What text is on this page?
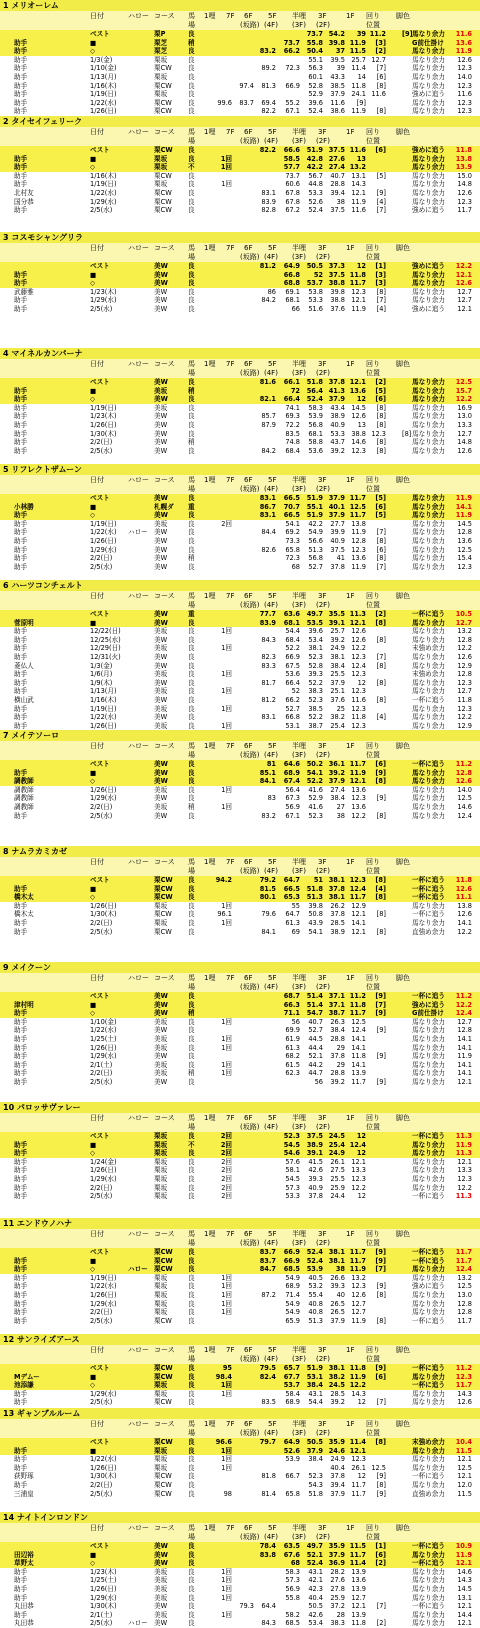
1 メリオーレム
日付	ハロー コース 馬
場
1哩 7F 6F
(坂路)
5F
(4F)
半哩
(3F)
3F
(2F)
1F 回り
位置
脚色
ベスト	栗P	良	73.7 54.2 39 11.2 [9] 馬なり余力 11.6
助手	■	栗芝	稍	73.7 55.8 39.8 11.9 [3]	G前仕掛け 13.6
助手	◇	栗芝	良	83.2 66.2 50.4 37 11.5 [2]	馬なり余力 11.9
助手	1/3(金)	栗坂	良	55.1 39.5 25.7 12.7	馬なり余力 12.6
助手	1/10(金)	栗CW 良	89.2 72.3 56.3 39 11.4 [7]	馬なり余力 12.3
助手	1/13(月)	栗坂	良	60.1 43.3 14 [6]	馬なり余力 14.0
助手	1/16(木)	栗CW 良	97.4 81.3 66.9 52.8 38.5 11.8 [8]	馬なり余力 12.3
助手	1/19(日)	栗坂	良	52.9 37.9 24.1 11.6	強めに追う 11.6
助手	1/22(水)	栗CW 良	99.6 83.7 69.4 55.2 39.6 11.6 [9]	馬なり余力 12.3
助手	1/26(日)	栗CW 良	82.2 67.1 52.4 38.6 11.9 [8]	馬なり余力 12.3
2 タイセイフェリーク
日付	ハロー コース 馬
場
1哩 7F 6F
(坂路)
5F
(4F)
半哩
(3F)
3F
(2F)
1F 回り
位置
脚色
ベスト	栗CW 良	82.2 66.6 51.9 37.5 11.6 [6]	強めに追う 11.8
助手	■	栗坂	良	1回	58.5 42.8 27.6 13	馬なり余力 13.8
助手	◇	栗坂	不	1回	57.7 42.2 27.4 13.2	馬なり余力 13.9
助手	1/16(木)	栗CW 良	73.7 56.7 40.7 13.1 [5]	馬なり余力 15.0
助手	1/19(日)	栗坂	良	1回	60.6 44.8 28.8 14.3	馬なり余力 14.8
北村友	1/22(水)	栗CW 良	83.1 67.8 53.3 39.4 12.1 [9]	馬なり余力 12.6
国分恭	1/29(水)	栗CW 良	83.9 67.8 52.6 38 11.9 [4]	馬なり余力 12.3
助手	2/5(水)	栗CW 良	82.8 67.2 52.4 37.5 11.6 [7]	強めに追う 11.7
3 コスモシャングリラ
日付	ハロー コース 馬
場
1哩 7F 6F
(坂路)
5F
(4F)
半哩
(3F)
3F
(2F)
1F 回り
位置
脚色
ベスト	美W	良	81.2 64.9 50.5 37.3 12 [1]	強めに追う 12.2
助手	■	美W	良	66.8 52 37.5 11.8 [3]	馬なり余力 12.1
助手	◇	美W	良	68.8 53.7 38.8 11.7 [3]	馬なり余力 12.6
武藤雅	1/23(木)	美W	良	86 69.1 53.8 39.8 12.3 [8]	馬なり余力 12.7
助手	1/29(水)	美W	良	84.2 68.1 53.3 38.8 12.1 [7]	馬なり余力 12.7
助手	2/5(水)	美W	良	66 51.6 37.6 11.9 [4]	強めに追う 12.1
4 マイネルカンパーナ
日付	ハロー コース 馬
場
1哩 7F 6F
(坂路)
5F
(4F)
半哩
(3F)
3F
(2F)
1F 回り
位置
脚色
ベスト	美W	良	81.6 66.1 51.8 37.8 12.1 [2]	馬なり余力 12.5
助手	■	美坂	稍	72 56.4 41.3 13.6 [5]	馬なり余力 15.7
助手	◇	美W	良	82.1 66.4 52.4 37.9 12 [6]	馬なり余力 12.2
助手	1/19(日)	美坂	良	74.1 58.3 43.4 14.5 [8]	馬なり余力 16.9
助手	1/23(木)	美W	良	85.7 69.3 53.9 38.9 12.6 [8]	馬なり余力 13.0
助手	1/26(日)	美W	良	87.9 72.2 56.8 40.9 13 [8]	馬なり余力 13.3
助手	1/30(木)	美W	良	83.5 68.1 53.3 38.8 12.3 [8] 馬なり余力 12.7
助手	2/2(日)	美W	稍	74.8 58.8 43.7 14.6 [8]	馬なり余力 14.8
助手	2/5(水)	美W	良	84.2 68.4 53.6 39.2 12.3 [8]	馬なり余力 12.6
5 リフレクトザムーン
日付	ハロー コース 馬
場
1哩 7F 6F
(坂路)
5F
(4F)
半哩
(3F)
3F
(2F)
1F 回り
位置
脚色
ベスト	美W	良	83.1 66.5 51.9 37.9 11.7 [5]	馬なり余力 11.9
小林勝	■	札幌ダ 重	86.7 70.7 55.1 40.1 12.5 [6]	馬なり余力 14.1
助手	◇	美W	良	83.1 66.5 51.9 37.9 11.7 [5]	馬なり余力 11.9
助手	1/19(日)	美坂	良	2回	54.1 42.2 27.7 13.8	馬なり余力 14.5
助手	1/22(水) ハロー 美W	良	84.4 69.2 54.9 39.9 11.9 [7]	馬なり余力 12.8
助手	1/26(日)	美W	良	73.3 56.6 40.9 12.8 [8]	馬なり余力 13.6
助手	1/29(水)	美W	良	82.6 65.8 51.3 37.5 12.3 [6]	馬なり余力 12.5
助手	2/2(日)	美W	稍	72.3 56.8 41 13.6 [8]	馬なり余力 15.4
助手	2/5(水)	美W	良	68 52.7 37.8 11.9 [7]	馬なり余力 12.3
6 ハーツコンチェルト
日付	ハロー コース 馬
場
1哩 7F 6F
(坂路)
5F
(4F)
半哩
(3F)
3F
(2F)
1F 回り
位置
脚色
ベスト	美W	重	77.7 63.6 49.7 35.5 11.3 [2]	一杯に追う 10.5
菅原明	■	美W	良	83.9 68.1 53.5 39.1 12.1 [8]	馬なり余力 12.7
助手	12/22(日)	美坂	良	1回	54.4 39.6 25.7 12.6	馬なり余力 13.2
助手	12/25(水)	美W	良	84.3 68.4 53.4 39.2 12.6 [8]	馬なり余力 12.8
助手	12/29(日)	美坂	良	1回	52.2 38.1 24.9 12.2	末強め余力 12.2
助手	12/31(火)	美W	良	82.3 66.9 52.3 38.1 12.3 [7]	馬なり余力 12.6
菱仏人	1/3(金)	美W	良	83.3 67.5 52.8 38.4 12.4 [8]	馬なり余力 12.9
助手	1/6(月)	美坂	良	1回	53.6 39.3 25.5 12.3	末強め余力 12.8
助手	1/9(木)	美W	良	81.7 66.4 52.2 37.9 12 [8]	馬なり余力 12.3
助手	1/13(月)	美坂	良	1回	52 38.3 25.1 12.3	馬なり余力 12.7
横山武	1/16(木)	美W	良	81.2 66.2 52.3 37.6 11.6 [8]	一杯に追う 11.8
助手	1/19(日)	美坂	良	1回	52.7 38.5 25 12.3	馬なり余力 12.3
助手	1/22(水)	美W	良	83.1 66.8 52.2 38.2 11.8 [4]	馬なり余力 12.2
助手	1/26(日)	美坂	良	1回	53.1 38.7 25.4 12.3	馬なり余力 12.9
7 メイテソーロ
日付	ハロー コース 馬
場
1哩 7F 6F
(坂路)
5F
(4F)
半哩
(3F)
3F
(2F)
1F 回り
位置
脚色
ベスト	美W	良	81 64.6 50.2 36.1 11.7 [6]	一杯に追う 11.2
助手	■	美W	良	85.1 68.9 54.1 39.2 11.9 [9]	馬なり余力 12.8
調教師	◇	美W	良	84.1 67.4 52.2 37.9 12.1 [8]	馬なり余力 12.6
調教師	1/26(日)	美坂	良	1回	56.4 41.6 27.4 13.6	馬なり余力 14.0
調教師	1/29(水)	美W	良	83 67.3 52.9 38.4 12.3 [9]	馬なり余力 12.5
調教師	2/2(日)	美坂	稍	1回	56.9 41.6 27 13.6	馬なり余力 14.6
助手	2/5(水)	美W	良	83.2 67.1 52.3 38 12.2 [8]	馬なり余力 12.4
8 ナムラカミカゼ
日付	ハロー コース 馬
場
1哩 7F 6F
(坂路)
5F
(4F)
半哩
(3F)
3F
(2F)
1F 回り
位置
脚色
ベスト	栗CW 良	94.2	79.2 64.7 51 38.1 12.3 [8]	一杯に追う 11.8
助手	■	栗CW 良	81.5 66.5 51.8 37.8 12.4 [4]	一杯に追う 12.6
橋木太	◇	栗CW 良	80.1 65.3 51.3 38.1 11.7 [8]	一杯に追う 11.1
助手	1/26(日)	栗坂	良	1回	55 39.8 26.2 12.9	馬なり余力 13.8
橋木太	1/30(木)	栗CW 良	96.1	79.6 64.7 50.8 37.8 12.1 [8]	一杯に追う 12.6
助手	2/2(日)	栗坂	良	1回	61.3 43.9 28.5 14.1	馬なり余力 14.1
助手	2/5(水)	栗CW 良	84.1 69 54.1 38.9 12.1 [8]	直強め余力 12.2
9 メイクーン
日付	ハロー コース 馬
場
1哩 7F 6F
(坂路)
5F
(4F)
半哩
(3F)
3F
(2F)
1F 回り
位置
脚色
ベスト	美W	良	68.7 51.4 37.1 11.2 [9]	一杯に追う 11.2
津村明	■	美W	良	66.3 51.4 37.1 11.8 [7]	強めに追う 12.2
助手	◇	美W	稍	71.1 54.7 38.7 11.7 [9]	G前仕掛け 12.4
助手	1/10(金)	美坂	良	1回	56 40.7 26.3 12.5	馬なり余力 12.7
助手	1/22(水)	美W	良	69.9 52.7 38.4 12.4 [9]	馬なり余力 12.8
助手	1/25(土)	美坂	良	1回	61.9 44.5 28.8 14.1	馬なり余力 14.1
助手	1/26(日)	美坂	良	1回	61.3 44.4 29 14.1	馬なり余力 14.1
助手	1/29(水)	美W	良	68.2 52.1 37.8 11.8 [9]	馬なり余力 11.9
助手	2/1(土)	美坂	良	1回	61.5 44.2 29 14.1	馬なり余力 14.1
助手	2/2(日)	美坂	稍	1回	62.3 44.7 28.8 13.9	馬なり余力 14.1
助手	2/5(水)	美W	良	56 39.2 11.7 [9]	馬なり余力 12.1
10 パロッサヴァレー
日付	ハロー コース 馬
場
1哩 7F 6F
(坂路)
5F
(4F)
半哩
(3F)
3F
(2F)
1F 回り
位置
脚色
ベスト	栗坂	良	2回	52.3 37.5 24.5 12	一杯に追う 11.3
助手	■	栗坂	不	2回	54.5 38.9 25.4 12.4	馬なり余力 11.9
助手	◇	栗坂	良	2回	54.6 39.1 24.9 12	馬なり余力 11.3
助手	1/24(金)	栗坂	良	2回	57.6 41.5 26.1 12.1	馬なり余力 12.1
助手	1/26(日)	栗坂	良	2回	58.1 42.6 27.5 13.3	馬なり余力 13.3
助手	1/29(水)	栗坂	良	2回	54.5 39.3 25.5 12.3	馬なり余力 12.3
助手	2/2(日)	栗坂	良	2回	57.3 40.9 25.9 12.2	馬なり余力 12.2
助手	2/5(水)	栗坂	良	2回	53.3 37.8 24.4 12	一杯に追う 11.3
11 エンドウノハナ
日付	ハロー コース 馬
場
1哩 7F 6F
(坂路)
5F
(4F)
半哩
(3F)
3F
(2F)
1F 回り
位置
脚色
ベスト	栗CW 良	83.7 66.9 52.4 38.1 11.7 [9]	一杯に追う 11.7
助手	■	栗CW 良	83.7 66.9 52.4 38.1 11.7 [9]	一杯に追う 11.7
助手	◇	ハロー 栗CW 良	84.7 68.5 53.9 38 11.9 [7]	馬なり余力 12.4
助手	1/19(日)	栗坂	良	1回	54.9 40.5 26.6 13.2	馬なり余力 13.2
助手	1/22(水)	栗坂	良	1回	68.9 53.2 39.3 12.3 [9]	強めに追う 12.5
助手	1/26(日)	栗坂	良	1回	87.2 71.4 55.4 40 12.6 [8]	馬なり余力 13.0
助手	1/29(水)	栗坂	良	1回	54.9 40.8 26.5 12.7	馬なり余力 12.8
助手	2/2(日)	栗坂	良	1回	54.9 40.8 26.5 12.7	馬なり余力 12.8
助手	2/5(水)	栗CW 良	65.9 51.3 37.9 11.9 [8]	一杯に追う 11.7
12 サンライズアース
日付	ハロー コース 馬
場
1哩 7F 6F
(坂路)
5F
(4F)
半哩
(3F)
3F
(2F)
1F 回り
位置
脚色
ベスト	栗CW 良	95	79.5 65.7 51.9 38.1 11.8 [9]	一杯に追う 11.2
Mデムー	■	栗CW 良	98.4	82.4 67.7 53.1 38.2 11.9 [6]	馬なり余力 12.3
池添謙	◇	栗坂	良	1回	53.7 38.4 24.5 12.2	一杯に追う 11.7
助手	1/29(水)	栗坂	良	1回	58.4 43.1 28.5 14.3	馬なり余力 14.3
助手	2/5(水)	栗CW 良	83.5 68.9 54.4 39.2 12 [7]	馬なり余力 12.6
13 ギャンブルルーム
日付	ハロー コース 馬
場
1哩 7F 6F
(坂路)
5F
(4F)
半哩
(3F)
3F
(2F)
1F 回り
位置
脚色
ベスト	栗CW 良	96.6	79.7 64.9 50.5 35.9 11.4 [8]	末強め余力 10.4
助手	■	栗坂	良	1回	52.6 37.9 24.6 12.1	馬なり余力 11.5
助手	1/22(水)	栗坂	良	1回	53.9 38.4 24.9 12.3	馬なり余力 12.1
助手	1/26(日)	栗坂	良	1回	40.4 26.1 12.5	馬なり余力 12.5
荻野琢	1/30(木)	栗CW 良	81.8 66.7 52.3 37.8 12 [9]	一杯に追う 12.1
助手	2/2(日)	栗CW 良	54.3 39.4 11.7 [8]	馬なり余力 12.0
三浦皇	2/5(水)	栗CW 良	98	81.4 65.8 51.8 37.9 11.7 [9]	直強め余力 11.5
14 ナイトインロンドン
日付	ハロー コース 馬
場
1哩 7F 6F
(坂路)
5F
(4F)
半哩
(3F)
3F
(2F)
1F 回り
位置
脚色
ベスト	美W	良	78.4 63.5 49.7 35.9 11.5 [1]	一杯に追う 10.9
田辺裕	■	美W	良	83.8 67.6 52.1 37.9 11.7 [6]	馬なり余力 11.9
草野太	◇	美W	良	68 52.4 36.9 11.4 [2]	一杯に追う 12.1
助手	1/23(木)	美坂	良	1回	58.3 43.1 28.2 13.9	馬なり余力 14.6
助手	1/25(土)	美坂	良	1回	57.3 42.1 27.6 13.6	馬なり余力 14.3
助手	1/26(日)	美坂	良	1回	56.9 42.3 27.8 13.9	馬なり余力 14.5
助手	1/29(水)	美坂	良	1回	55.8 40.4 25.9 12.7	馬なり余力 13.1
丸田恭	1/30(木)	美W	良	79.3 64.4	50.5 37.2 12.1 [7]	一杯に追う 12.1
助手	2/1(土)	美坂	良	1回	58.2 42.6 28 13.9	馬なり余力 14.4
丸田恭	2/5(水) ハロー 美W	良	84.3 68.5 53.4 38.3 11.8 [2]	馬なり余力 12.1
